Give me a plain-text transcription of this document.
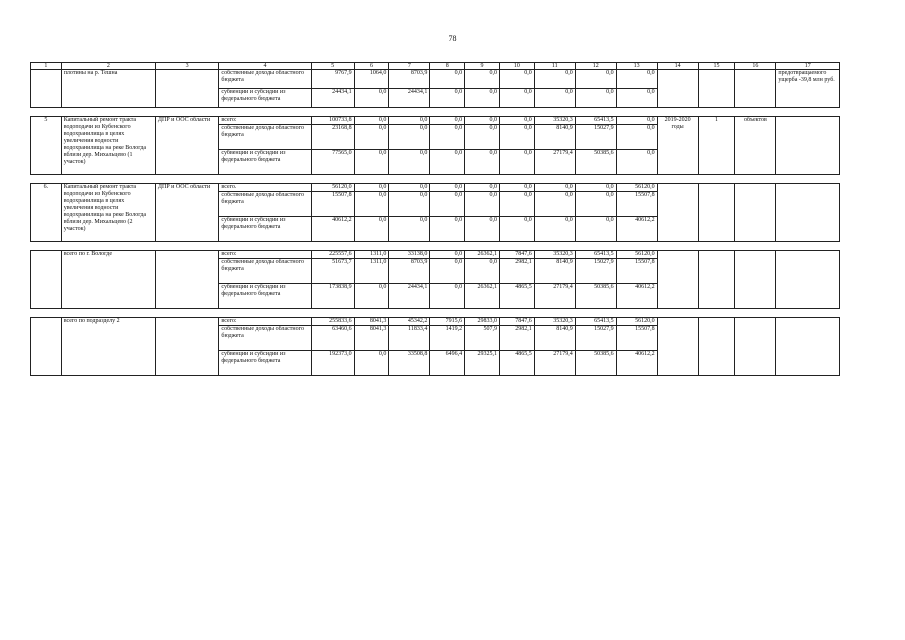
78
1	2	3	4	5	6	7	8	9	10	11	12	13	14	15	16	17
	плотины на р. Тешна		собственные доходы областного бюджета	9767,9	1064,0	8703,9	0,0	0,0	0,0	0,0	0,0	0,0				предотвращаемого ущерба -39,8 млн руб.
			субвенции и субсидии из федерального бюджета	24434,1	0,0	24434,1	0,0	0,0	0,0	0,0	0,0	0,0				

5	Капитальный ремонт тракта водоподачи из Кубенского водохранилища в целях увеличения водности водохранилища на реке Вологда вблизи дер. Михальцево (1 участок)	ДПР и ООС области	всего:	100733,8	0,0	0,0	0,0	0,0	0,0	35320,3	65413,5	0,0	2019-2020 годы	1	объектов	
			собственные доходы областного бюджета	23168,8	0,0	0,0	0,0	0,0	0,0	8140,9	15027,9	0,0				
			субвенции и субсидии из федерального бюджета	77565,0	0,0	0,0	0,0	0,0	0,0	27179,4	50385,6	0,0				

6.	Капитальный ремонт тракта водоподачи из Кубенского водохранилища в целях увеличения водности водохранилища на реке Вологда вблизи дер. Михальцево (2 участок)	ДПР и ООС области	всего.	56120,0	0,0	0,0	0,0	0,0	0,0	0,0	0,0	56120,0				
			собственные доходы областного бюджета	15507,8	0,0	0,0	0,0	0,0	0,0	0,0	0,0	15507,8				
			субвенции и субсидии из федерального бюджета	40612,2	0,0	0,0	0,0	0,0	0,0	0,0	0,0	40612,2				

	всего по г. Вологде		всего:	225557,6	1311,0	33138,0	0,0	26362,1	7847,6	35320,3	65413,5	56120,0				
			собственные доходы областного бюджета	51673,7	1311,0	8703,9	0,0	0,0	2982,1	8140,9	15027,9	15507,8				
			субвенции и субсидии из федерального бюджета	173838,9	0,0	24434,1	0,0	26362,1	4865,5	27179,4	50385,6	40612,2				

	всего по подразделу 2		всего:	255833,6	8041,3	45342,2	7915,6	29833,0	7847,6	35320,3	65413,5	56120,0				
			собственные доходы областного бюджета	63460,6	8041,3	11833,4	1419,2	507,9	2982,1	8140,9	15027,9	15507,8				
			субвенции и субсидии из федерального бюджета	192373,0	0,0	33508,8	6496,4	29325,1	4865,5	27179,4	50385,6	40612,2				
